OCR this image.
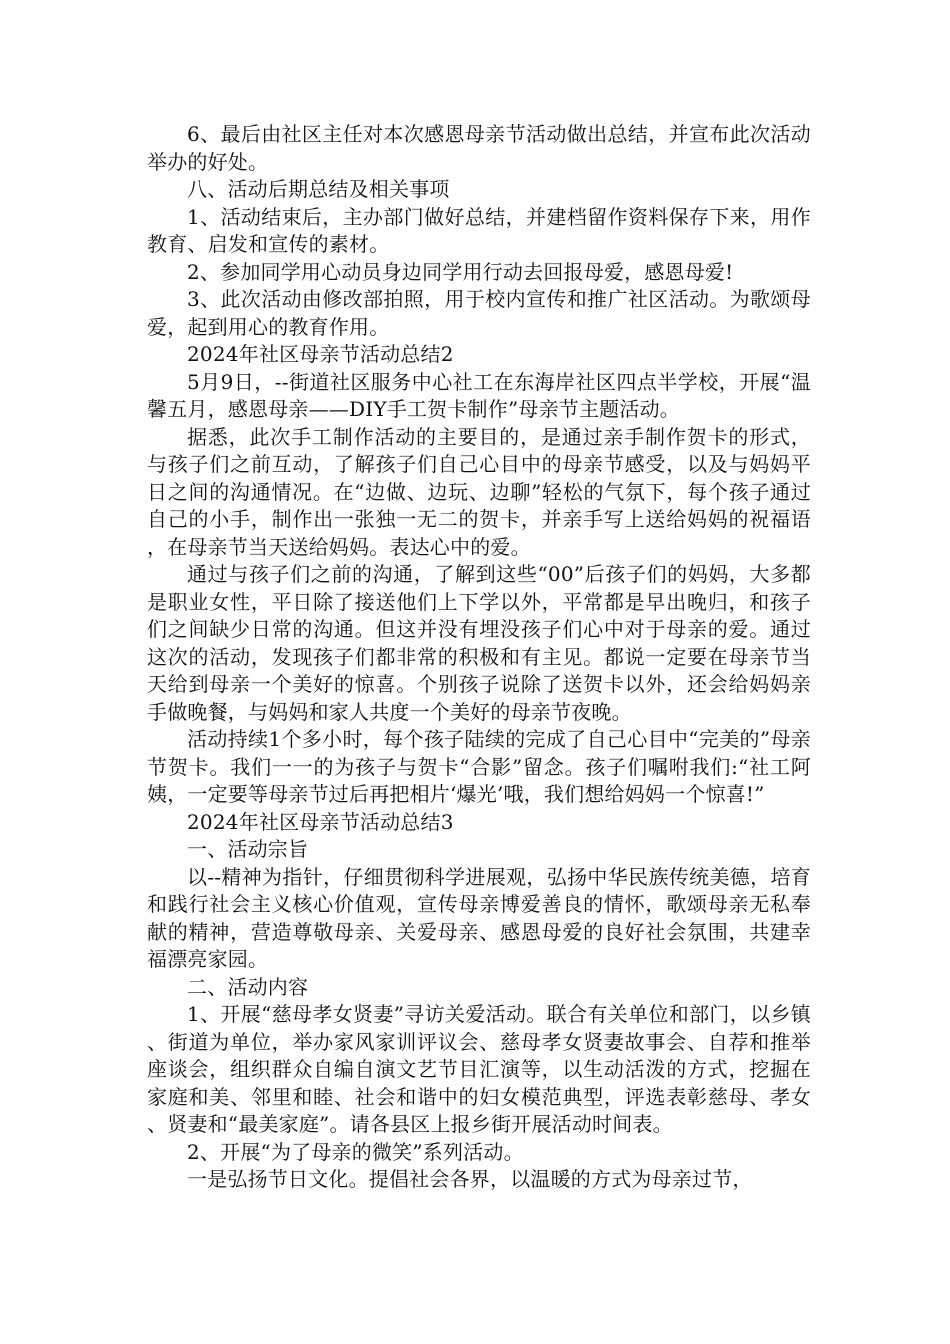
6、最后由社区主任对本次感恩母亲节活动做出总结，并宣布此次活动举办的好处。

八、活动后期总结及相关事项

1、活动结束后，主办部门做好总结，并建档留作资料保存下来，用作教育、启发和宣传的素材。

2、参加同学用心动员身边同学用行动去回报母爱，感恩母爱!

3、此次活动由修改部拍照，用于校内宣传和推广社区活动。为歌颂母爱，起到用心的教育作用。

2024年社区母亲节活动总结2

5月9日，--街道社区服务中心社工在东海岸社区四点半学校，开展“温馨五月，感恩母亲——DIY手工贺卡制作”母亲节主题活动。

据悉，此次手工制作活动的主要目的，是通过亲手制作贺卡的形式，与孩子们之前互动，了解孩子们自己心目中的母亲节感受，以及与妈妈平日之间的沟通情况。在“边做、边玩、边聊”轻松的气氛下，每个孩子通过自己的小手，制作出一张独一无二的贺卡，并亲手写上送给妈妈的祝福语，在母亲节当天送给妈妈。表达心中的爱。

通过与孩子们之前的沟通，了解到这些“00”后孩子们的妈妈，大多都是职业女性，平日除了接送他们上下学以外，平常都是早出晚归，和孩子们之间缺少日常的沟通。但这并没有埋没孩子们心中对于母亲的爱。通过这次的活动，发现孩子们都非常的积极和有主见。都说一定要在母亲节当天给到母亲一个美好的惊喜。个别孩子说除了送贺卡以外，还会给妈妈亲手做晚餐，与妈妈和家人共度一个美好的母亲节夜晚。

活动持续1个多小时，每个孩子陆续的完成了自己心目中“完美的”母亲节贺卡。我们一一的为孩子与贺卡“合影”留念。孩子们嘱咐我们:“社工阿姨，一定要等母亲节过后再把相片‘爆光’哦，我们想给妈妈一个惊喜!”

2024年社区母亲节活动总结3

一、活动宗旨

以--精神为指针，仔细贯彻科学进展观，弘扬中华民族传统美德，培育和践行社会主义核心价值观，宣传母亲博爱善良的情怀，歌颂母亲无私奉献的精神，营造尊敬母亲、关爱母亲、感恩母爱的良好社会氛围，共建幸福漂亮家园。

二、活动内容

1、开展“慈母孝女贤妻”寻访关爱活动。联合有关单位和部门，以乡镇、街道为单位，举办家风家训评议会、慈母孝女贤妻故事会、自荐和推举座谈会，组织群众自编自演文艺节目汇演等，以生动活泼的方式，挖掘在家庭和美、邻里和睦、社会和谐中的妇女模范典型，评选表彰慈母、孝女、贤妻和“最美家庭”。请各县区上报乡街开展活动时间表。

2、开展“为了母亲的微笑”系列活动。

一是弘扬节日文化。提倡社会各界，以温暖的方式为母亲过节，
